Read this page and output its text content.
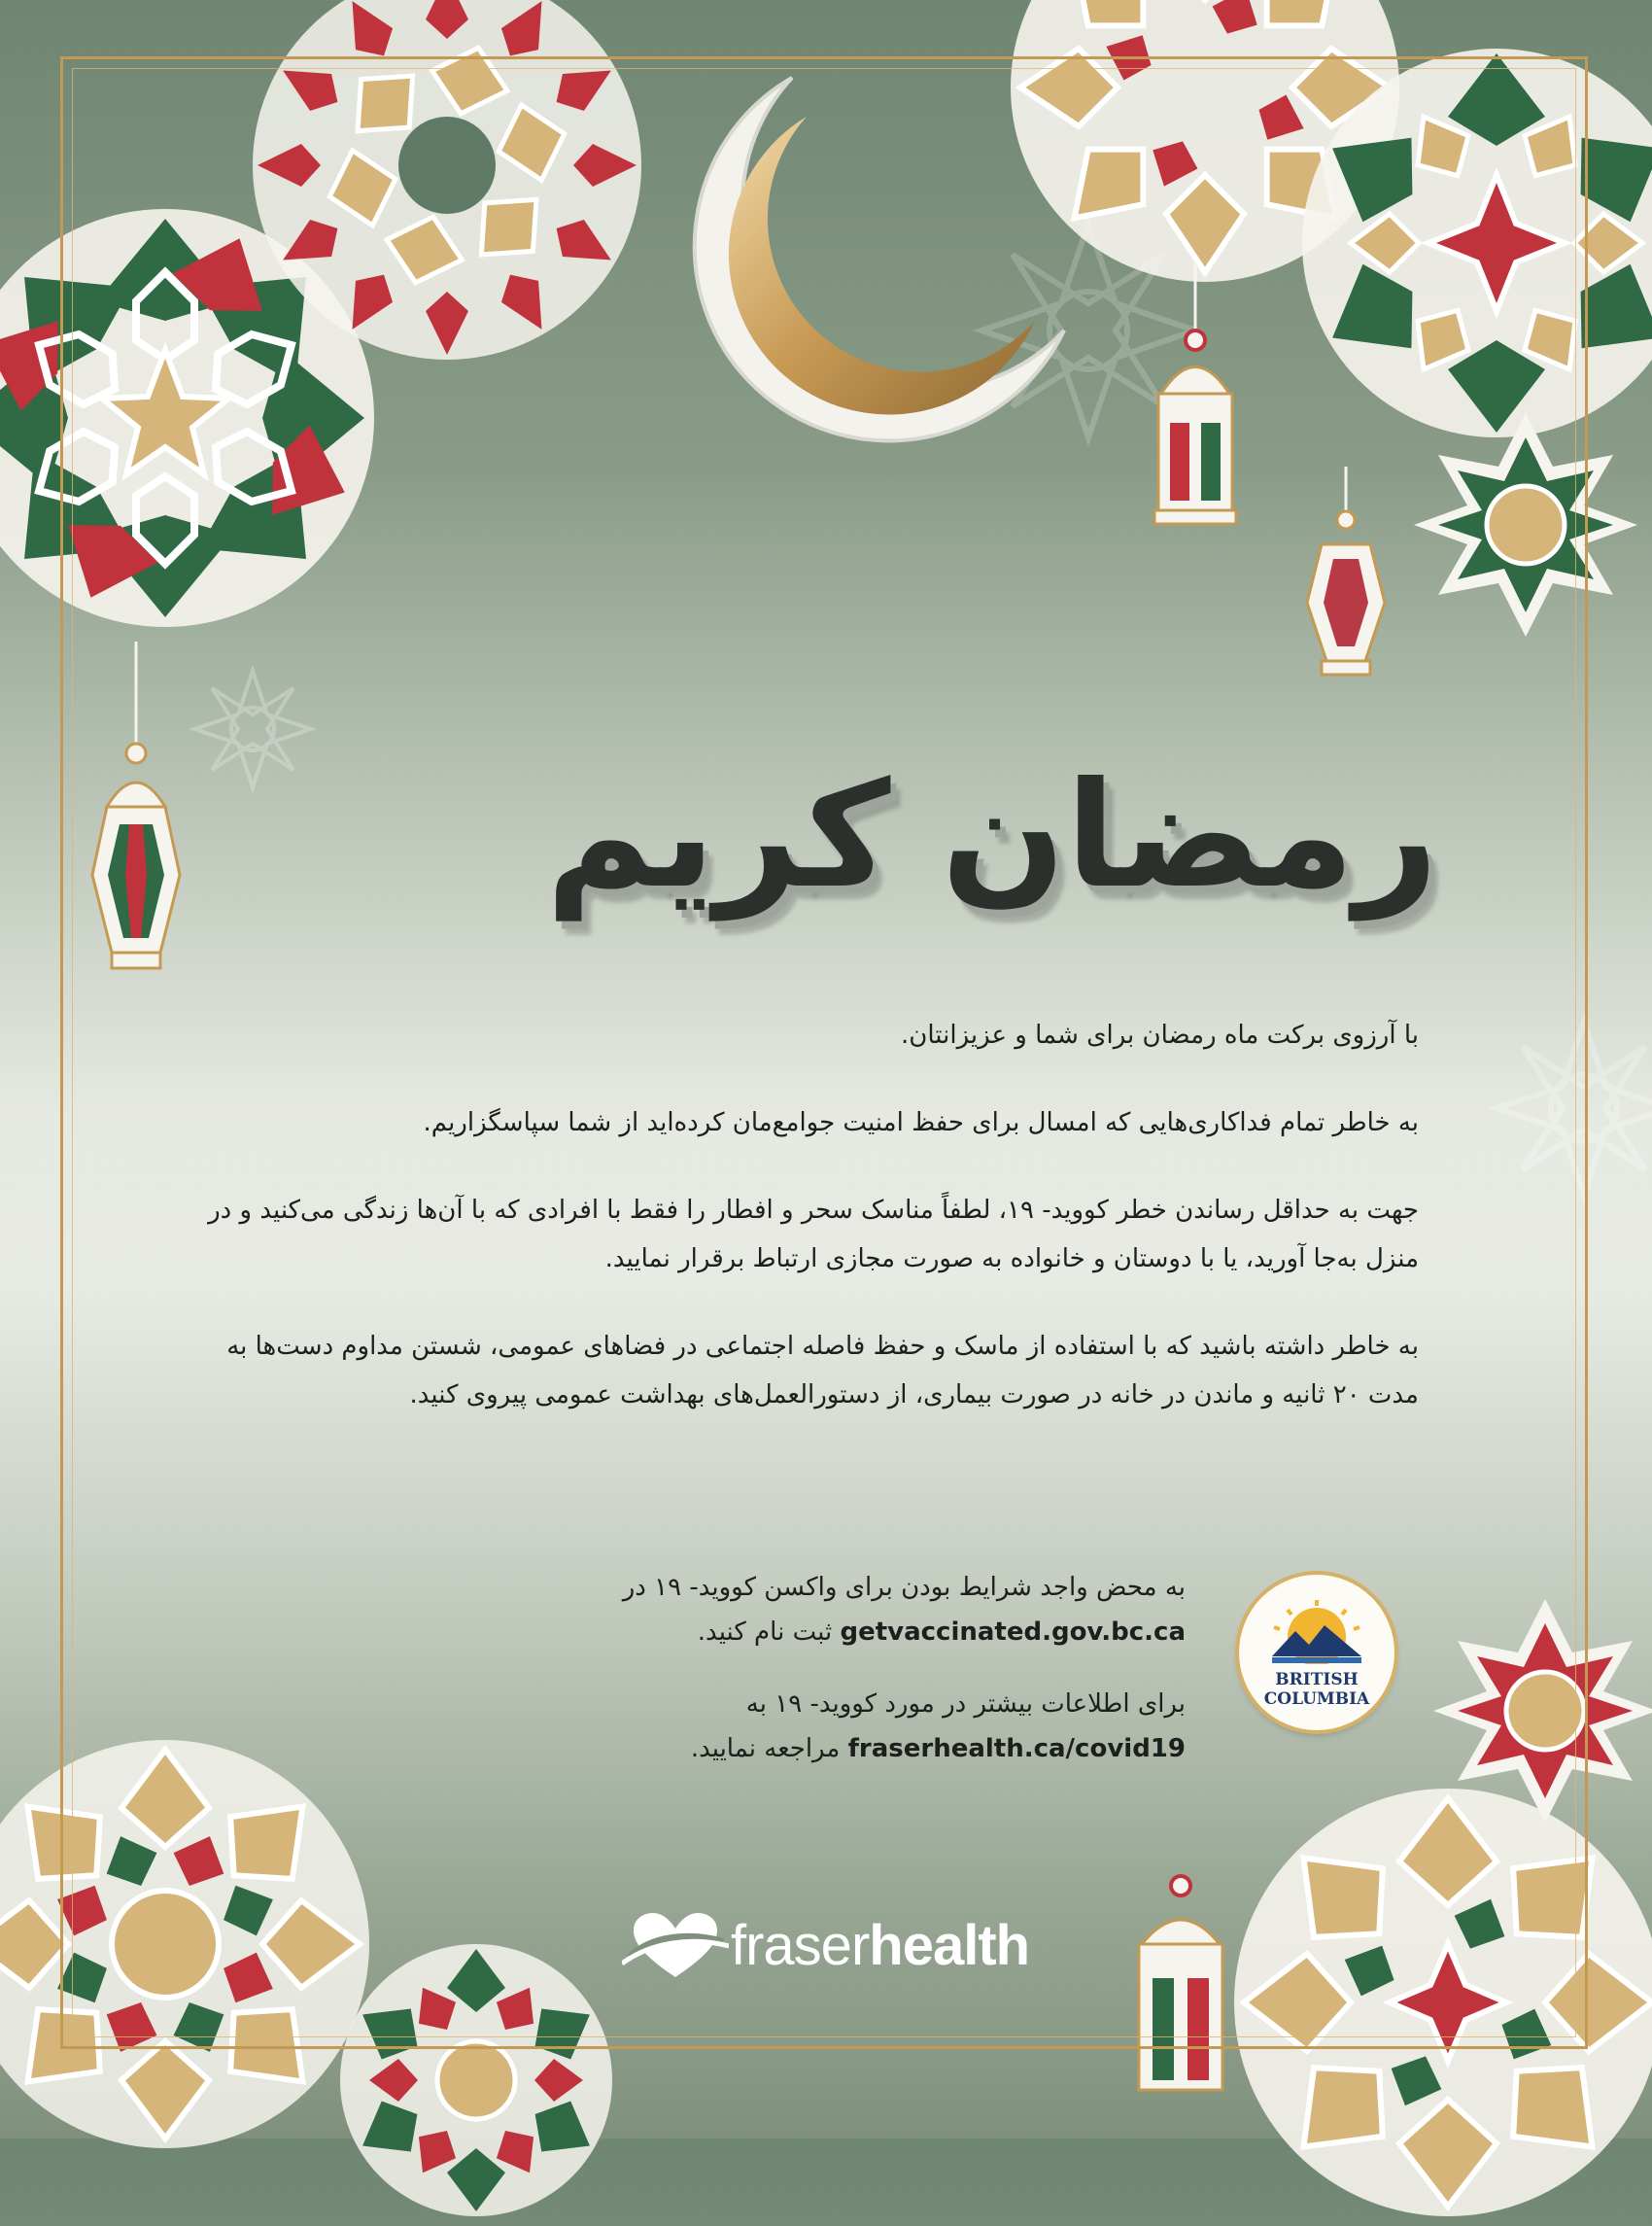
رمضان کریم

با آرزوی برکت ماه رمضان برای شما و عزیزانتان.

به خاطر تمام فداکاری‌هایی که امسال برای حفظ امنیت جوامع‌مان کرده‌اید از شما سپاسگزاریم.

جهت به حداقل رساندن خطر کووید- ۱۹، لطفاً مناسک سحر و افطار را فقط با افرادی که با آن‌ها زندگی می‌کنید و در منزل به‌جا آورید، یا با دوستان و خانواده به صورت مجازی ارتباط برقرار نمایید.

به خاطر داشته باشید که با استفاده از ماسک و حفظ فاصله اجتماعی در فضاهای عمومی، شستن مداوم دست‌ها به مدت ۲۰ ثانیه و ماندن در خانه در صورت بیماری، از دستورالعمل‌های بهداشت عمومی پیروی کنید.

به محض واجد شرایط بودن برای واکسن کووید- ۱۹ در
getvaccinated.gov.bc.ca ثبت نام کنید.

برای اطلاعات بیشتر در مورد کووید- ۱۹ به
fraserhealth.ca/covid19 مراجعه نمایید.

BRITISH
COLUMBIA
fraserhealth
